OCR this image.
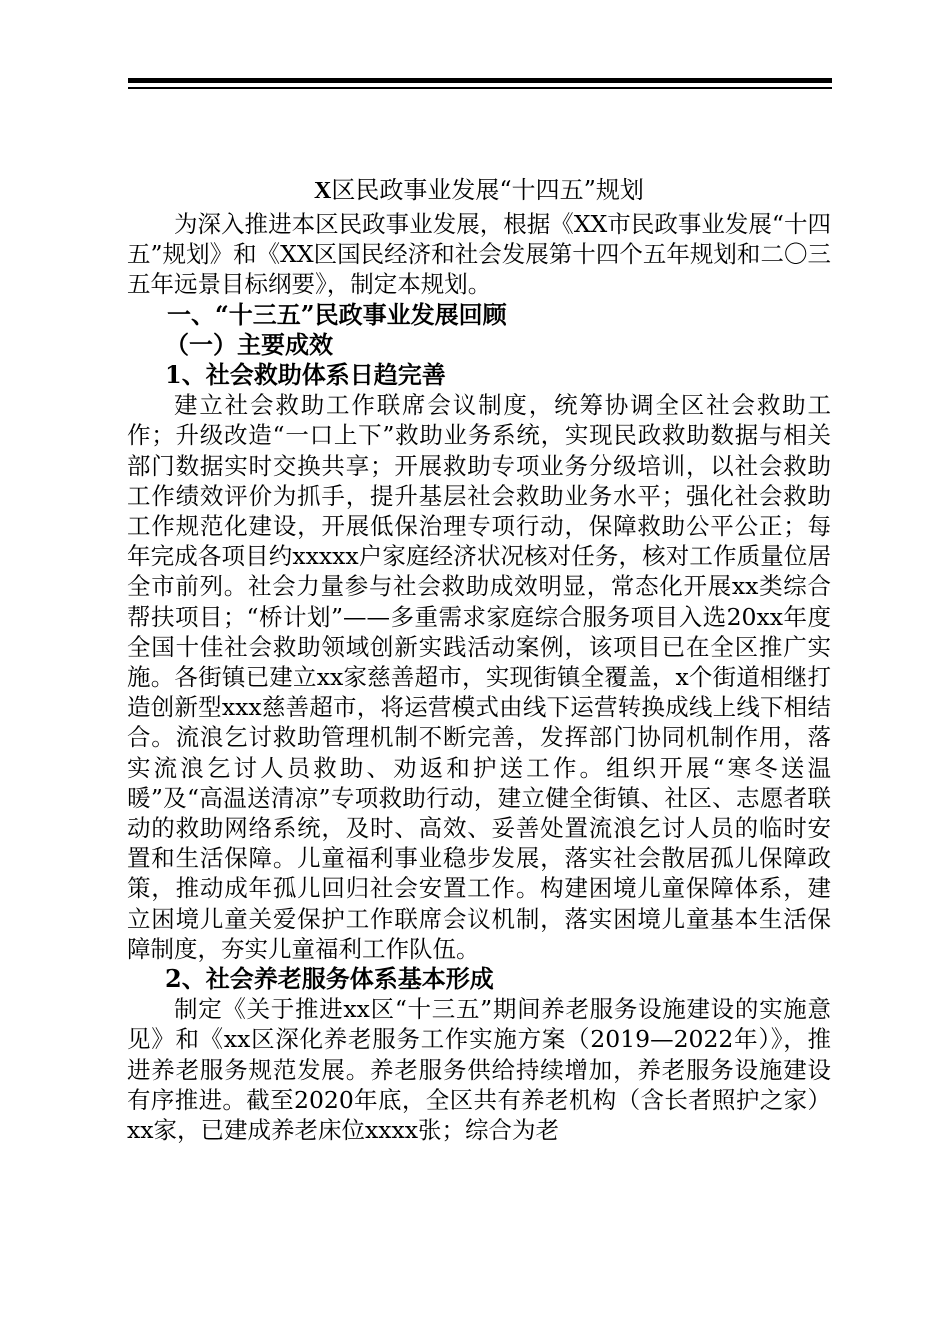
X区民政事业发展“十四五”规划

为深入推进本区民政事业发展，根据《XX市民政事业发展“十四五”规划》和《XX区国民经济和社会发展第十四个五年规划和二〇三五年远景目标纲要》，制定本规划。

一、“十三五”民政事业发展回顾
（一）主要成效
1、社会救助体系日趋完善

建立社会救助工作联席会议制度，统筹协调全区社会救助工作；升级改造“一口上下”救助业务系统，实现民政救助数据与相关部门数据实时交换共享；开展救助专项业务分级培训，以社会救助工作绩效评价为抓手，提升基层社会救助业务水平；强化社会救助工作规范化建设，开展低保治理专项行动，保障救助公平公正；每年完成各项目约xxxxx户家庭经济状况核对任务，核对工作质量位居全市前列。社会力量参与社会救助成效明显，常态化开展xx类综合帮扶项目；“桥计划”——多重需求家庭综合服务项目入选20xx年度全国十佳社会救助领域创新实践活动案例，该项目已在全区推广实施。各街镇已建立xx家慈善超市，实现街镇全覆盖，x个街道相继打造创新型xxx慈善超市，将运营模式由线下运营转换成线上线下相结合。流浪乞讨救助管理机制不断完善，发挥部门协同机制作用，落实流浪乞讨人员救助、劝返和护送工作。组织开展“寒冬送温暖”及“高温送清凉”专项救助行动，建立健全街镇、社区、志愿者联动的救助网络系统，及时、高效、妥善处置流浪乞讨人员的临时安置和生活保障。儿童福利事业稳步发展，落实社会散居孤儿保障政策，推动成年孤儿回归社会安置工作。构建困境儿童保障体系，建立困境儿童关爱保护工作联席会议机制，落实困境儿童基本生活保障制度，夯实儿童福利工作队伍。

2、社会养老服务体系基本形成

制定《关于推进xx区“十三五”期间养老服务设施建设的实施意见》和《xx区深化养老服务工作实施方案（2019—2022年）》，推进养老服务规范发展。养老服务供给持续增加，养老服务设施建设有序推进。截至2020年底，全区共有养老机构（含长者照护之家）xx家，已建成养老床位xxxx张；综合为老
